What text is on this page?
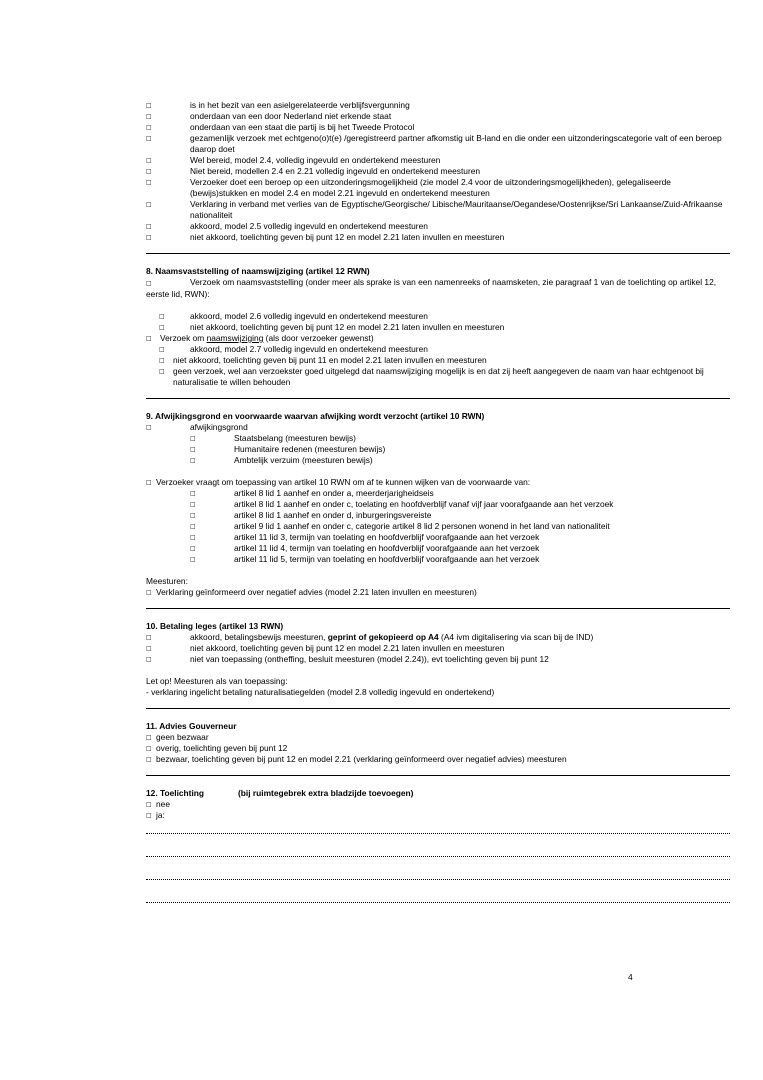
□	is in het bezit van een asielgerelateerde verblijfsvergunning
□	onderdaan van een door Nederland niet erkende staat
□	onderdaan van een staat die partij is bij het Tweede Protocol
□	gezamenlijk verzoek met echtgeno(o)t(e) /geregistreerd partner afkomstig uit B-land en die onder een uitzonderingscategorie valt of een beroep daarop doet
□	Wel bereid, model 2.4, volledig ingevuld en ondertekend meesturen
□	Niet bereid, modellen 2.4 en 2.21 volledig ingevuld en ondertekend meesturen
□	Verzoeker doet een beroep op een uitzonderingsmogelijkheid (zie model 2.4 voor de uitzonderingsmogelijkheden), gelegaliseerde (bewijs)stukken en model 2.4 en model 2.21 ingevuld en ondertekend meesturen
□	Verklaring in verband met verlies van de Egyptische/Georgische/ Libische/Mauritaanse/Oegandese/Oostenrijkse/Sri Lankaanse/Zuid-Afrikaanse nationaliteit
□	akkoord, model 2.5 volledig ingevuld en ondertekend meesturen
□	niet akkoord, toelichting geven bij punt 12 en model 2.21 laten invullen en meesturen
8. Naamsvaststelling of naamswijziging (artikel 12 RWN)
□	Verzoek om naamsvaststelling (onder meer als sprake is van een namenreeks of naamsketen, zie paragraaf 1 van de toelichting op artikel 12, eerste lid, RWN):
□	akkoord, model 2.6 volledig ingevuld en ondertekend meesturen
□	niet akkoord, toelichting geven bij punt 12 en model 2.21 laten invullen en meesturen
□ Verzoek om naamswijziging (als door verzoeker gewenst)
□	akkoord, model 2.7 volledig ingevuld en ondertekend meesturen
□ niet akkoord, toelichting geven bij punt 11 en model 2.21 laten invullen en meesturen
□ geen verzoek, wel aan verzoekster goed uitgelegd dat naamswijziging mogelijk is en dat zij heeft aangegeven de naam van haar echtgenoot bij naturalisatie te willen behouden
9. Afwijkingsgrond en voorwaarde waarvan afwijking wordt verzocht (artikel 10 RWN)
□	afwijkingsgrond
□	Staatsbelang (meesturen bewijs)
□	Humanitaire redenen (meesturen bewijs)
□	Ambtelijk verzuim (meesturen bewijs)
□ Verzoeker vraagt om toepassing van artikel 10 RWN om af te kunnen wijken van de voorwaarde van:
□	artikel 8 lid 1 aanhef en onder a, meerderjarigheidseis
□	artikel 8 lid 1 aanhef en onder c, toelating en hoofdverblijf vanaf vijf jaar voorafgaande aan het verzoek
□	artikel 8 lid 1 aanhef en onder d, inburgeringsvereiste
□	artikel 9 lid 1 aanhef en onder c, categorie artikel 8 lid 2 personen wonend in het land van nationaliteit
□	artikel 11 lid 3, termijn van toelating en hoofdverblijf voorafgaande aan het verzoek
□	artikel 11 lid 4, termijn van toelating en hoofdverblijf voorafgaande aan het verzoek
□	artikel 11 lid 5, termijn van toelating en hoofdverblijf voorafgaande aan het verzoek
Meesturen:
□ Verklaring geïnformeerd over negatief advies (model 2.21 laten invullen en meesturen)
10. Betaling leges (artikel 13 RWN)
□	akkoord, betalingsbewijs meesturen, geprint of gekopieerd op A4 (A4 ivm digitalisering via scan bij de IND)
□	niet akkoord, toelichting geven bij punt 12 en model 2.21 laten invullen en meesturen
□	niet van toepassing (ontheffing, besluit meesturen (model 2.24)), evt toelichting geven bij punt 12
Let op! Meesturen als van toepassing:
- verklaring ingelicht betaling naturalisatiegelden (model 2.8 volledig ingevuld en ondertekend)
11. Advies Gouverneur
□ geen bezwaar
□ overig, toelichting geven bij punt 12
□ bezwaar, toelichting geven bij punt 12 en model 2.21 (verklaring geïnformeerd over negatief advies) meesturen
12. Toelichting	(bij ruimtegebrek extra bladzijde toevoegen)
□ nee
□ ja:
4
